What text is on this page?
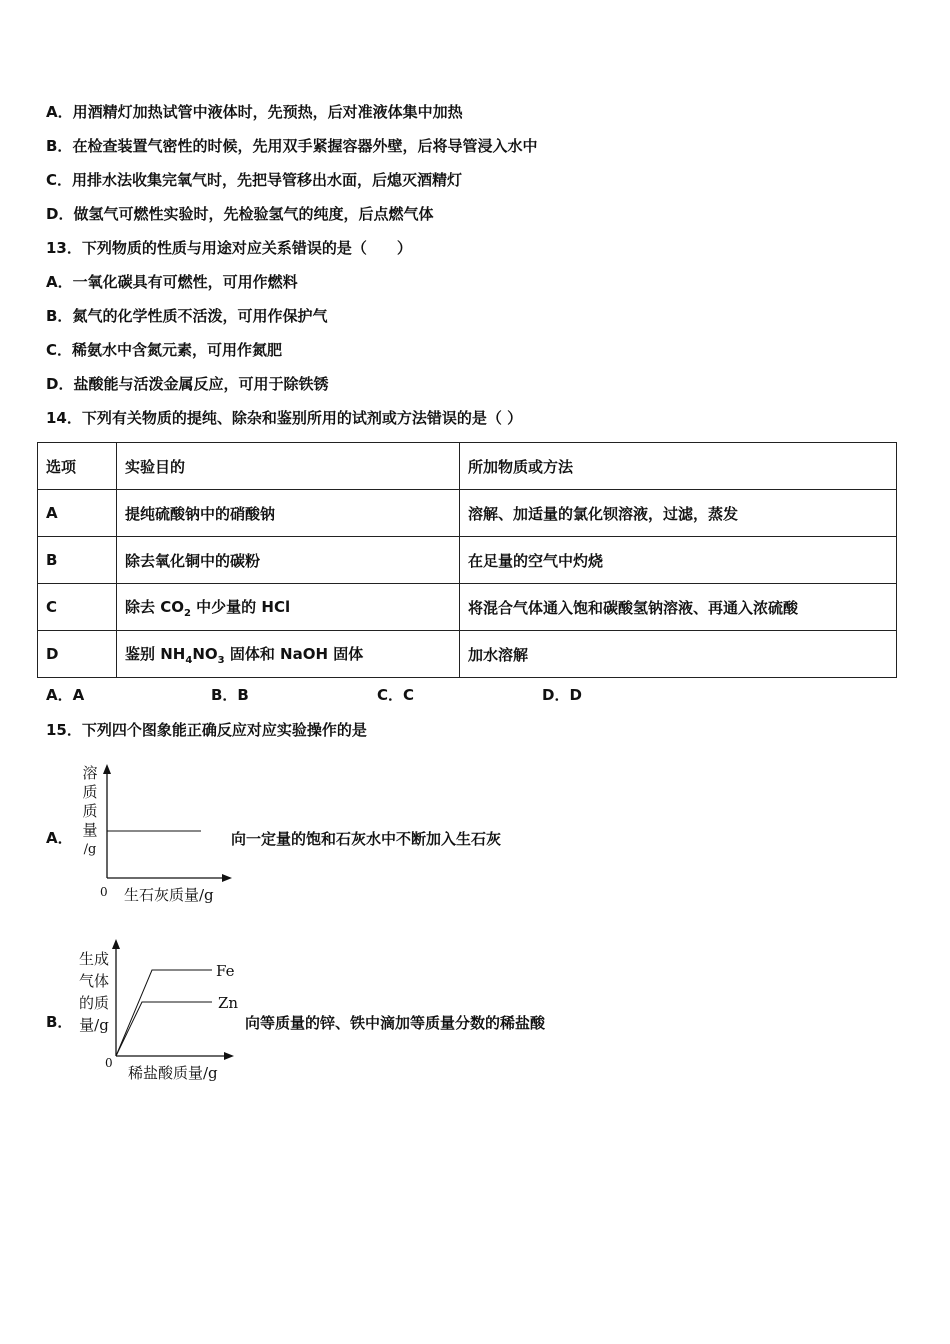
A．用酒精灯加热试管中液体时，先预热，后对准液体集中加热
B．在检查装置气密性的时候，先用双手紧握容器外壁，后将导管浸入水中
C．用排水法收集完氧气时，先把导管移出水面，后熄灭酒精灯
D．做氢气可燃性实验时，先检验氢气的纯度，后点燃气体
13．下列物质的性质与用途对应关系错误的是（　　）
A．一氧化碳具有可燃性，可用作燃料
B．氮气的化学性质不活泼，可用作保护气
C．稀氨水中含氮元素，可用作氮肥
D．盐酸能与活泼金属反应，可用于除铁锈
14．下列有关物质的提纯、除杂和鉴别所用的试剂或方法错误的是（ ）
选项	实验目的	所加物质或方法
A	提纯硫酸钠中的硝酸钠	溶解、加适量的氯化钡溶液，过滤，蒸发
B	除去氧化铜中的碳粉	在足量的空气中灼烧
C	除去 $CO_2$ 中少量的 HCl	将混合气体通入饱和碳酸氢钠溶液、再通入浓硫酸
D	鉴别 $NH_4NO_3$ 固体和 NaOH 固体	加水溶解
A．A	B．B	C．C	D．D
15．下列四个图象能正确反应对应实验操作的是
A．
溶
质
质
量
/g
0 生石灰质量/g
向一定量的饱和石灰水中不断加入生石灰
B．
生成
气体
的质
量/g
Fe
Zn
0
稀盐酸质量/g
向等质量的锌、铁中滴加等质量分数的稀盐酸
